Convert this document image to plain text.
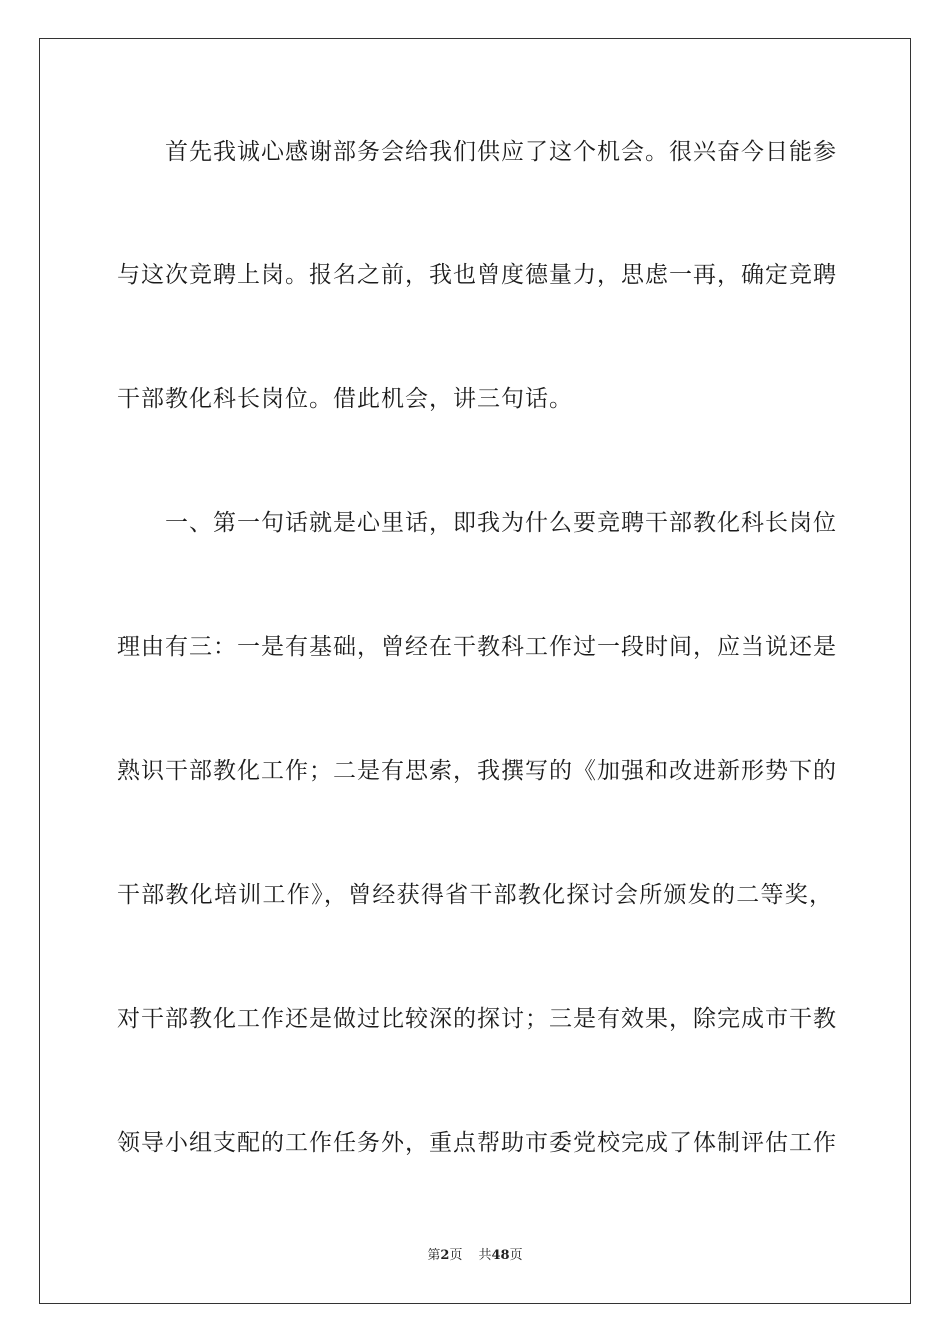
首先我诚心感谢部务会给我们供应了这个机会。很兴奋今日能参
与这次竞聘上岗。报名之前，我也曾度德量力，思虑一再，确定竞聘
干部教化科长岗位。借此机会，讲三句话。
一、第一句话就是心里话，即我为什么要竞聘干部教化科长岗位
理由有三：一是有基础，曾经在干教科工作过一段时间，应当说还是
熟识干部教化工作；二是有思索，我撰写的《加强和改进新形势下的
干部教化培训工作》，曾经获得省干部教化探讨会所颁发的二等奖，
对干部教化工作还是做过比较深的探讨；三是有效果，除完成市干教
领导小组支配的工作任务外，重点帮助市委党校完成了体制评估工作
第2页 共48页
